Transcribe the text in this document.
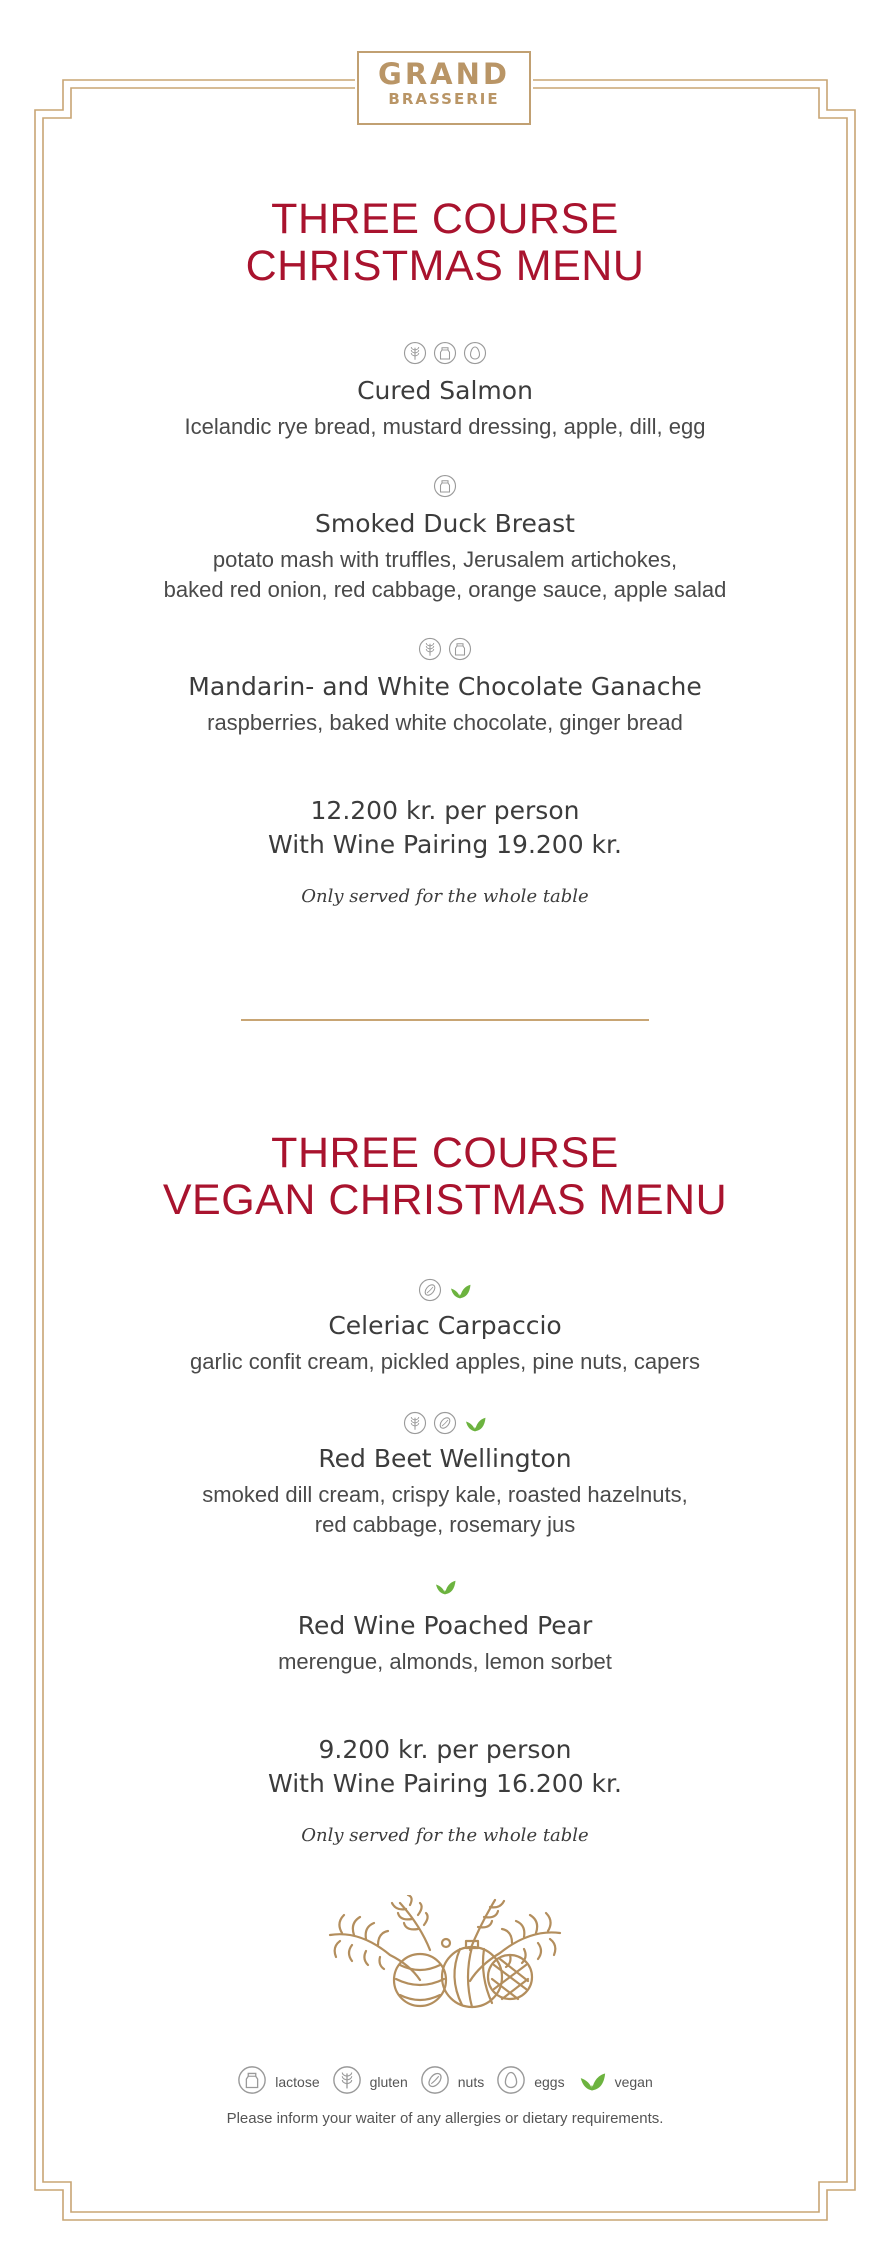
GRAND
BRASSERIE
THREE COURSE
CHRISTMAS MENU
Cured Salmon
Icelandic rye bread, mustard dressing, apple, dill, egg
Smoked Duck Breast
potato mash with truffles, Jerusalem artichokes,
baked red onion, red cabbage, orange sauce, apple salad
Mandarin- and White Chocolate Ganache
raspberries, baked white chocolate, ginger bread
12.200 kr. per person
With Wine Pairing 19.200 kr.
Only served for the whole table
THREE COURSE
VEGAN CHRISTMAS MENU
Celeriac Carpaccio
garlic confit cream, pickled apples, pine nuts, capers
Red Beet Wellington
smoked dill cream, crispy kale, roasted hazelnuts,
red cabbage, rosemary jus
Red Wine Poached Pear
merengue, almonds, lemon sorbet
9.200 kr. per person
With Wine Pairing 16.200 kr.
Only served for the whole table
lactose	gluten	nuts	eggs	vegan
Please inform your waiter of any allergies or dietary requirements.
